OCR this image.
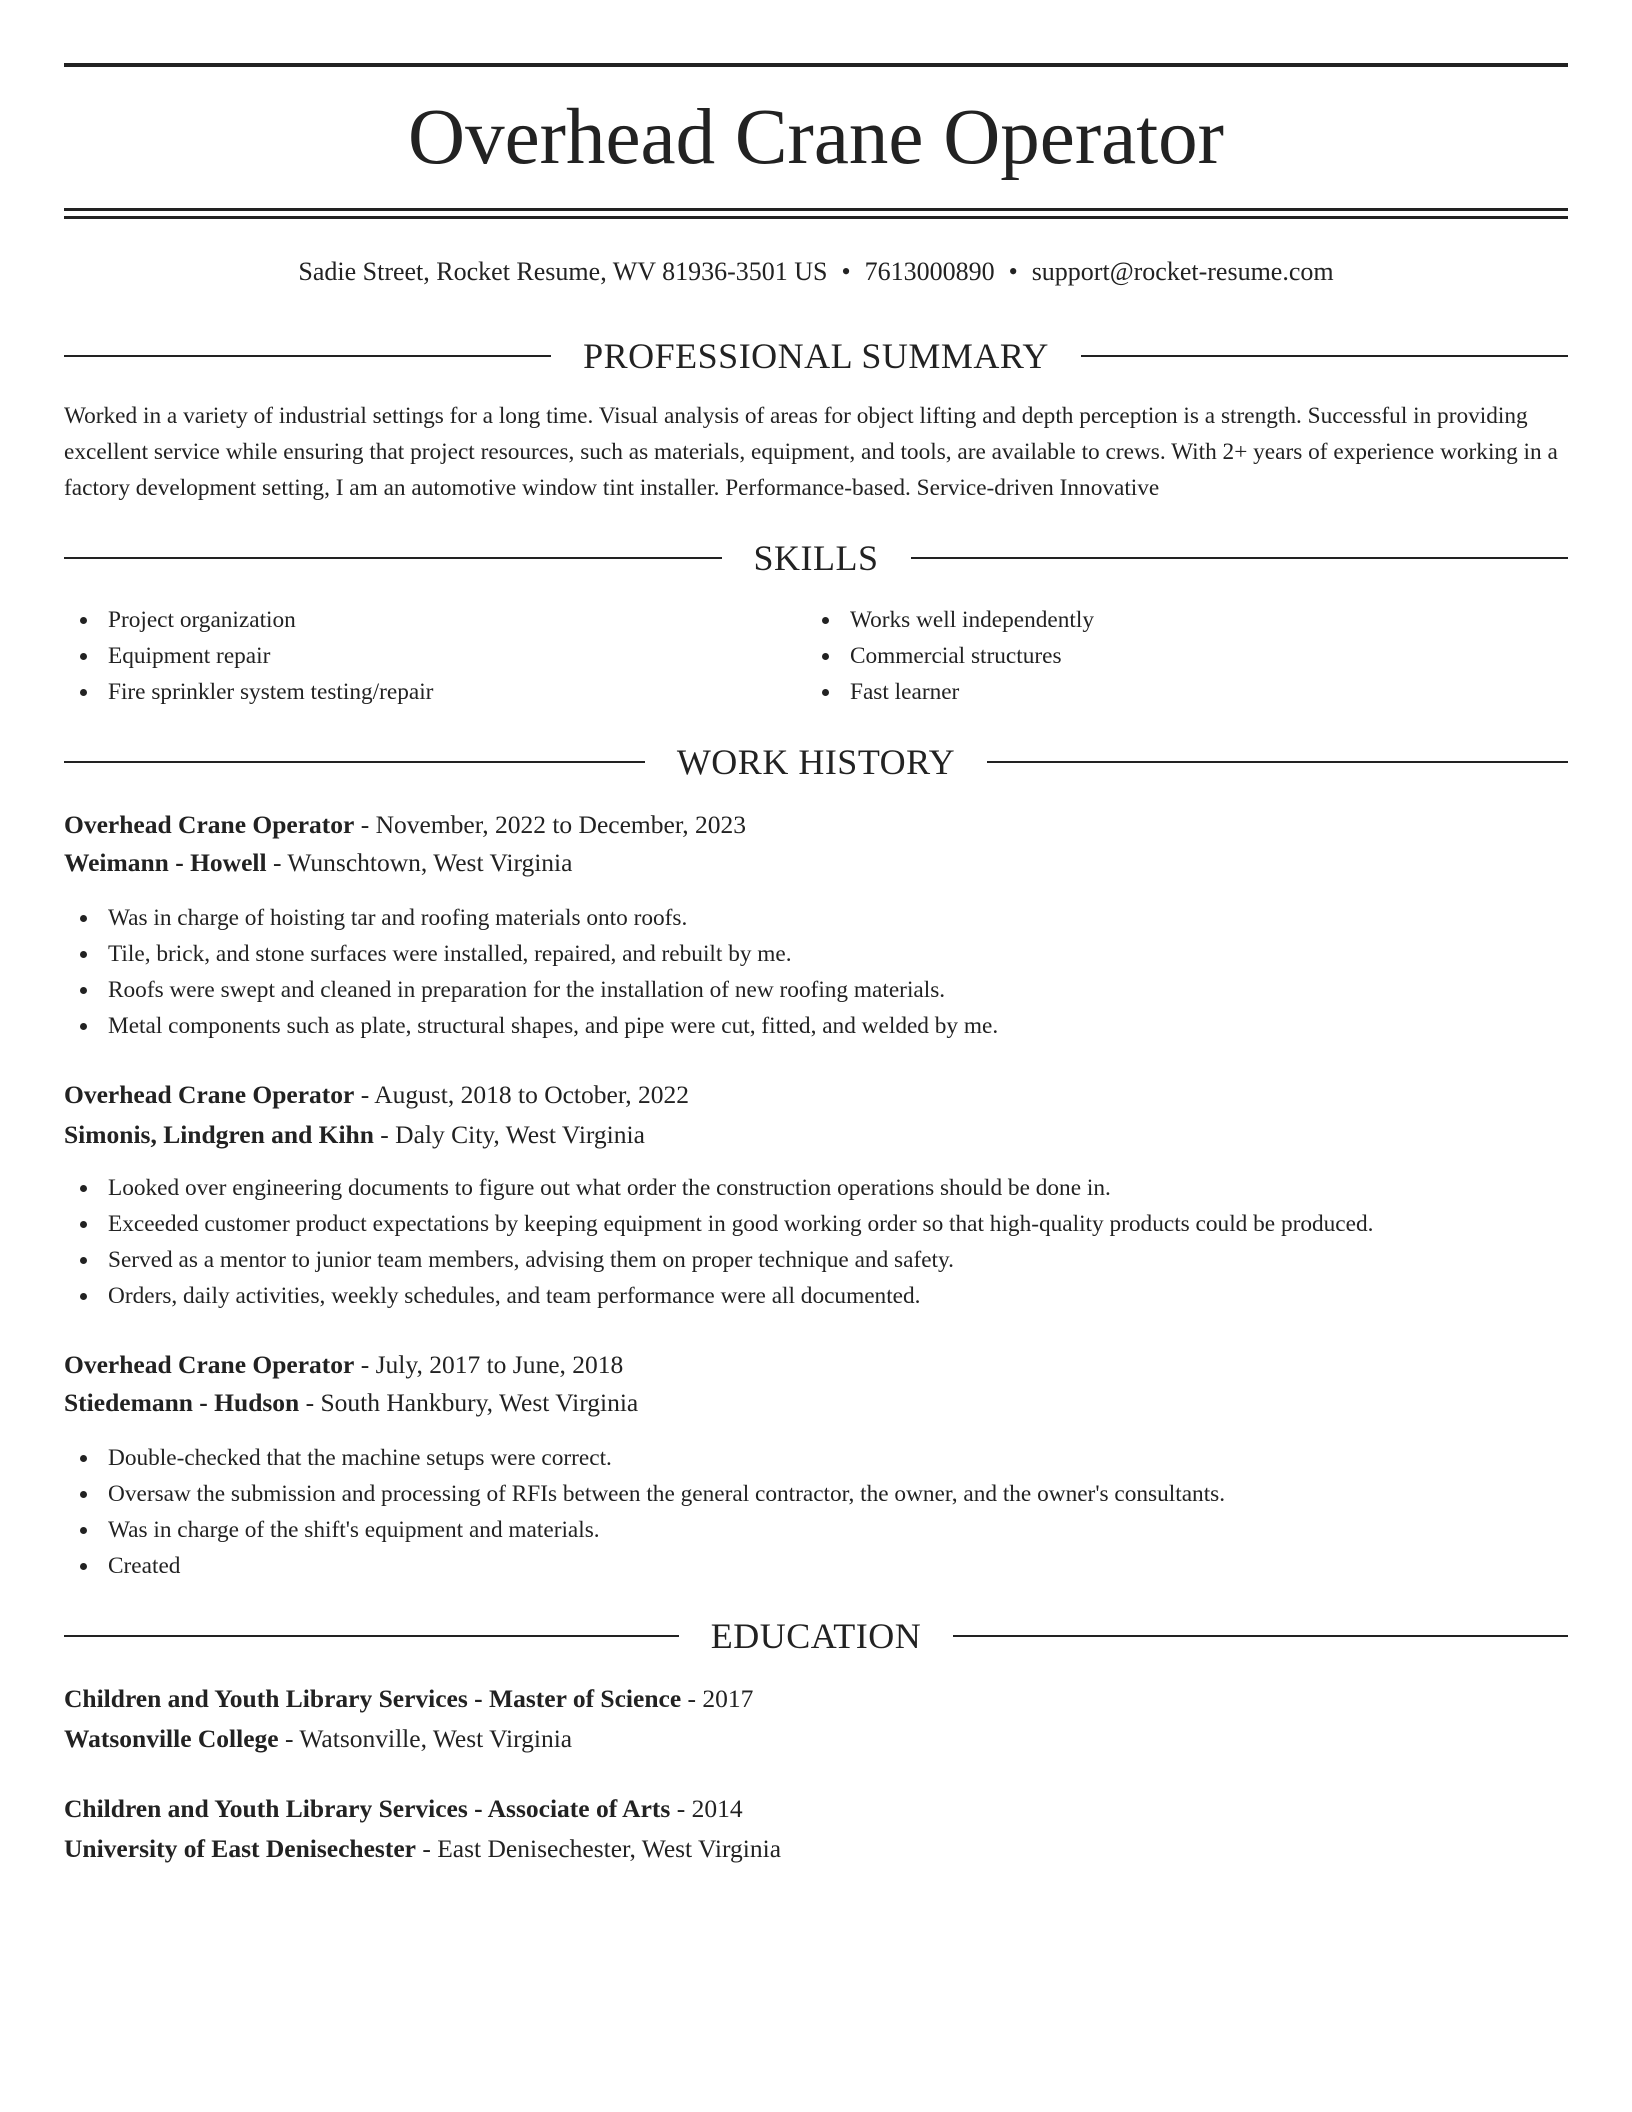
Overhead Crane Operator
Sadie Street, Rocket Resume, WV 81936-3501 US • 7613000890 • support@rocket-resume.com
PROFESSIONAL SUMMARY

Worked in a variety of industrial settings for a long time. Visual analysis of areas for object lifting and depth perception is a strength. Successful in providing excellent service while ensuring that project resources, such as materials, equipment, and tools, are available to crews. With 2+ years of experience working in a factory development setting, I am an automotive window tint installer. Performance-based. Service-driven Innovative

SKILLS
Project organization
Equipment repair
Fire sprinkler system testing/repair
Works well independently
Commercial structures
Fast learner
WORK HISTORY
Overhead Crane Operator - November, 2022 to December, 2023
Weimann - Howell - Wunschtown, West Virginia
Was in charge of hoisting tar and roofing materials onto roofs.
Tile, brick, and stone surfaces were installed, repaired, and rebuilt by me.
Roofs were swept and cleaned in preparation for the installation of new roofing materials.
Metal components such as plate, structural shapes, and pipe were cut, fitted, and welded by me.
Overhead Crane Operator - August, 2018 to October, 2022
Simonis, Lindgren and Kihn - Daly City, West Virginia
Looked over engineering documents to figure out what order the construction operations should be done in.
Exceeded customer product expectations by keeping equipment in good working order so that high-quality products could be produced.
Served as a mentor to junior team members, advising them on proper technique and safety.
Orders, daily activities, weekly schedules, and team performance were all documented.
Overhead Crane Operator - July, 2017 to June, 2018
Stiedemann - Hudson - South Hankbury, West Virginia
Double-checked that the machine setups were correct.
Oversaw the submission and processing of RFIs between the general contractor, the owner, and the owner's consultants.
Was in charge of the shift's equipment and materials.
Created
EDUCATION
Children and Youth Library Services - Master of Science - 2017
Watsonville College - Watsonville, West Virginia
Children and Youth Library Services - Associate of Arts - 2014
University of East Denisechester - East Denisechester, West Virginia
